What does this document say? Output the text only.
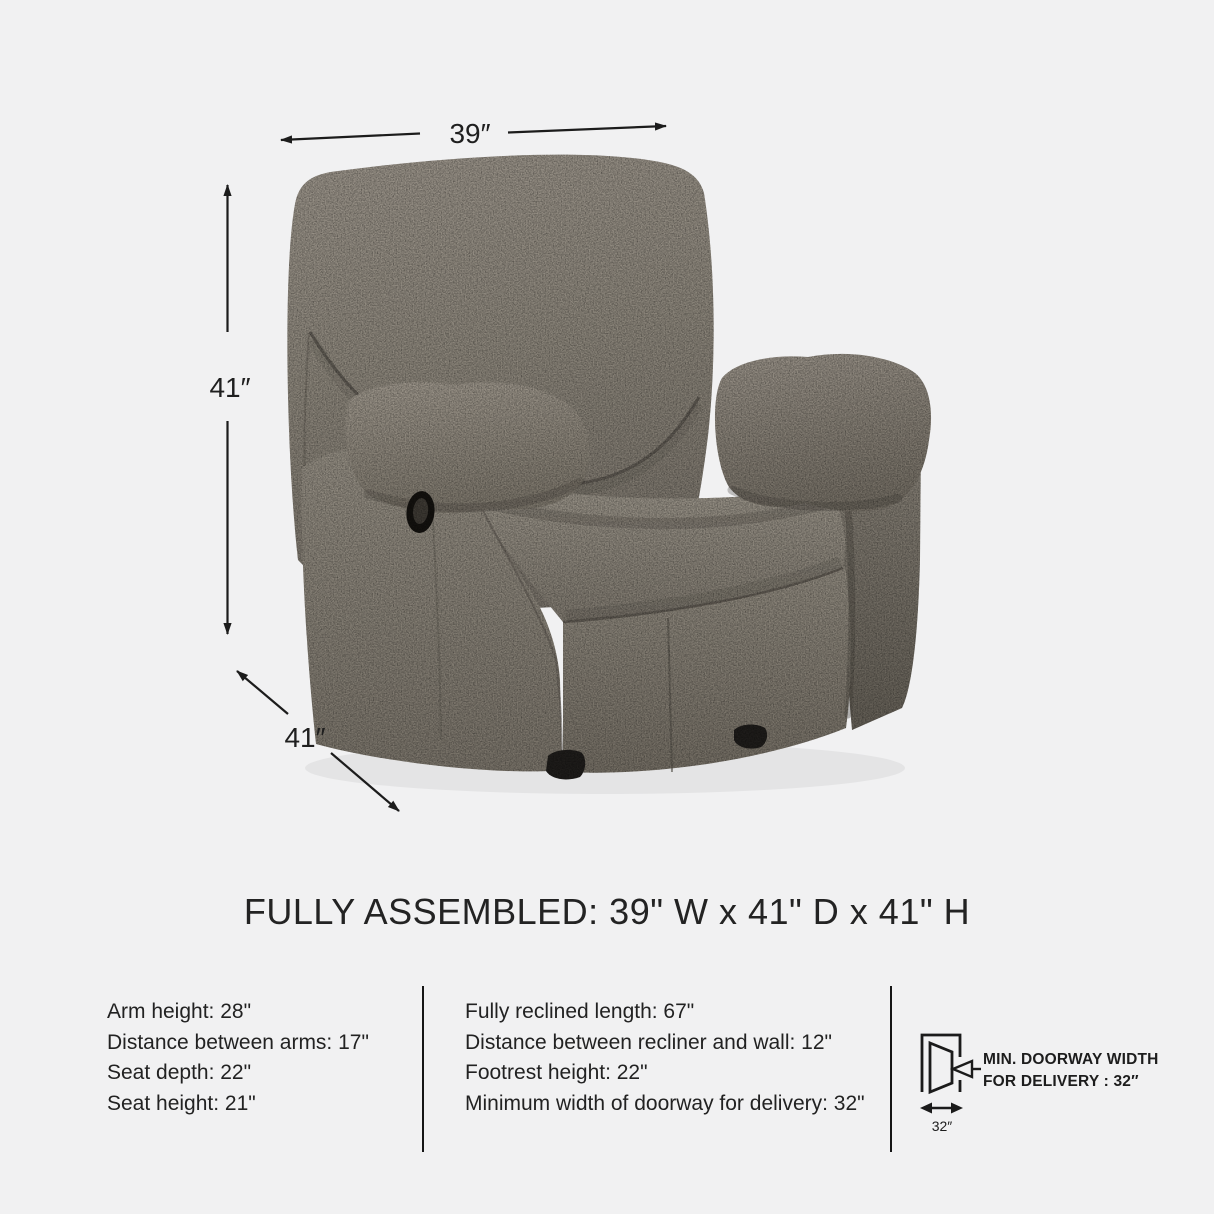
39″
41″
41″
FULLY ASSEMBLED: 39" W x 41" D x 41" H
Arm height: 28"
Distance between arms: 17"
Seat depth: 22"
Seat height: 21"
Fully reclined length: 67"
Distance between recliner and wall: 12"
Footrest height: 22"
Minimum width of doorway for delivery: 32"
32″
MIN. DOORWAY WIDTH
FOR DELIVERY : 32″
